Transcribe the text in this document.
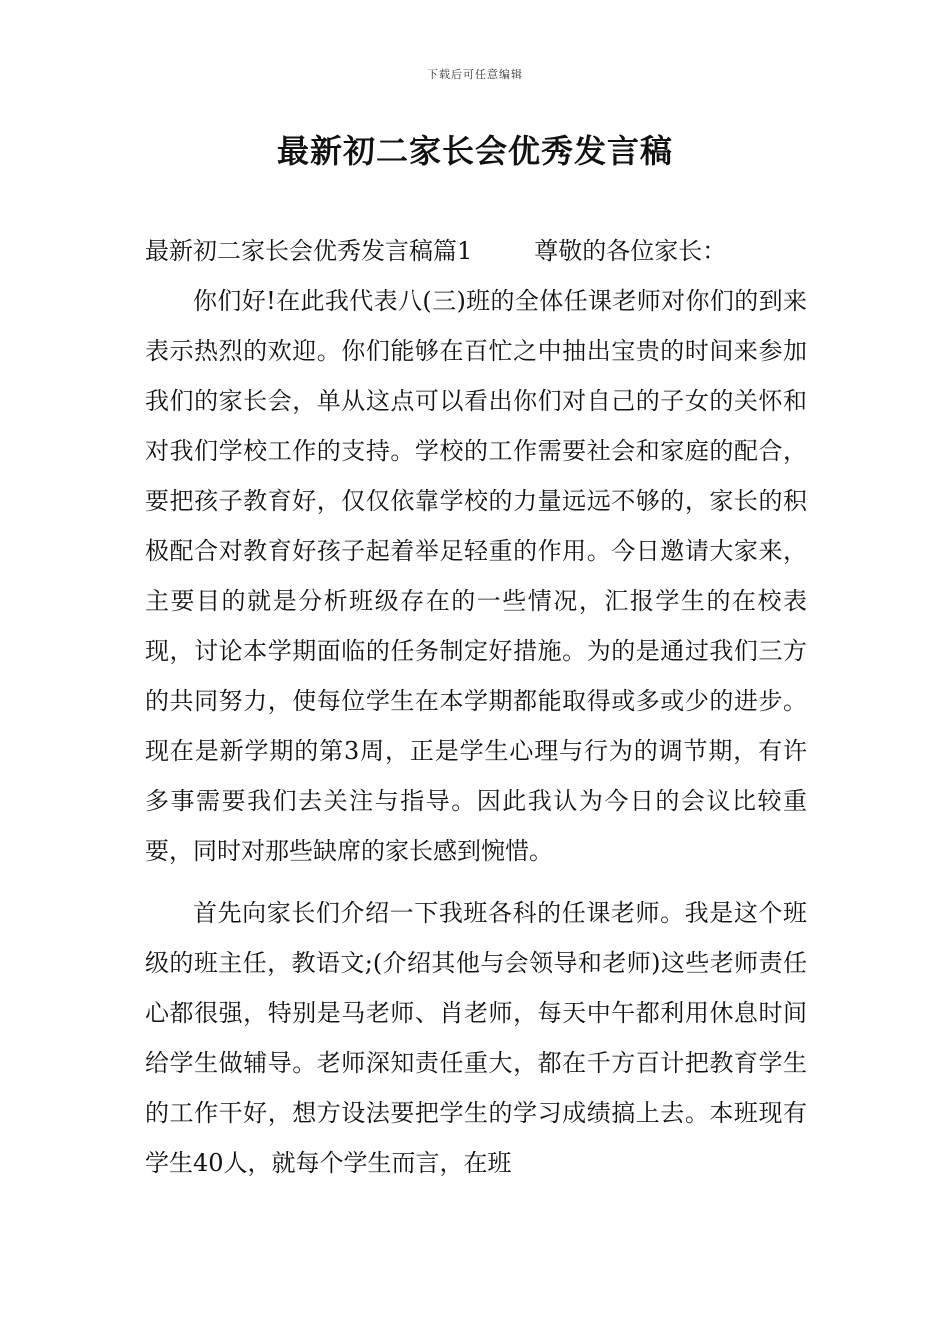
下载后可任意编辑
最新初二家长会优秀发言稿

最新初二家长会优秀发言稿篇1	尊敬的各位家长：

你们好!在此我代表八(三)班的全体任课老师对你们的到来表示热烈的欢迎。你们能够在百忙之中抽出宝贵的时间来参加我们的家长会，单从这点可以看出你们对自己的子女的关怀和对我们学校工作的支持。学校的工作需要社会和家庭的配合，要把孩子教育好，仅仅依靠学校的力量远远不够的，家长的积极配合对教育好孩子起着举足轻重的作用。今日邀请大家来，主要目的就是分析班级存在的一些情况，汇报学生的在校表现，讨论本学期面临的任务制定好措施。为的是通过我们三方的共同努力，使每位学生在本学期都能取得或多或少的进步。现在是新学期的第3周，正是学生心理与行为的调节期，有许多事需要我们去关注与指导。因此我认为今日的会议比较重要，同时对那些缺席的家长感到惋惜。

首先向家长们介绍一下我班各科的任课老师。我是这个班级的班主任，教语文;(介绍其他与会领导和老师)这些老师责任心都很强，特别是马老师、肖老师，每天中午都利用休息时间给学生做辅导。老师深知责任重大，都在千方百计把教育学生的工作干好，想方设法要把学生的学习成绩搞上去。本班现有学生40人，就每个学生而言，在班
